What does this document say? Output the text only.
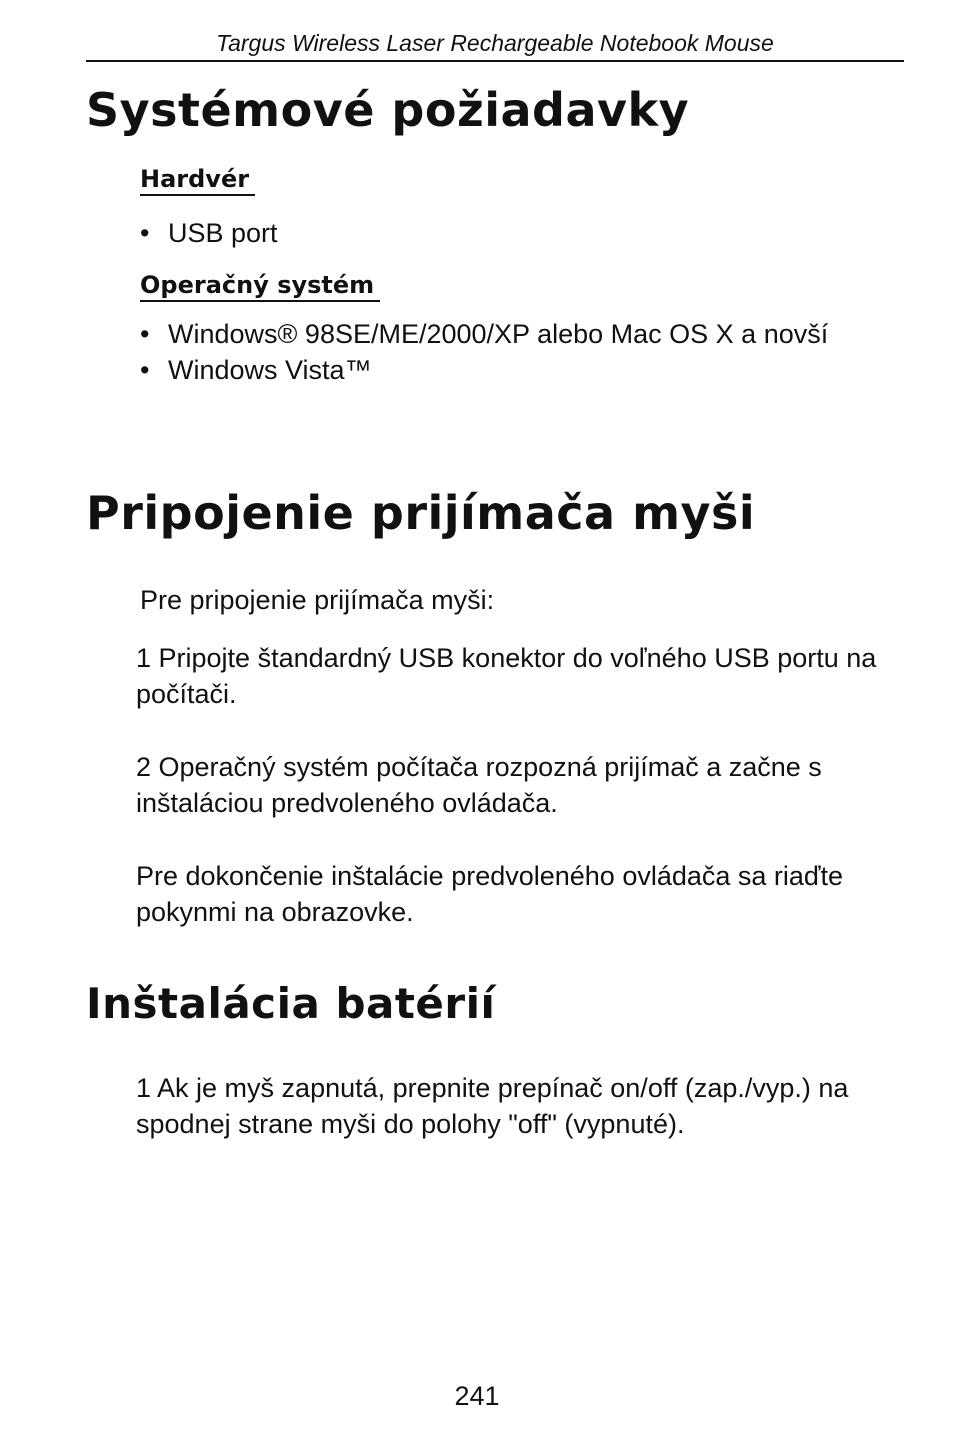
Targus Wireless Laser Rechargeable Notebook Mouse
Systémové požiadavky
Hardvér
• USB port
Operačný systém
• Windows® 98SE/ME/2000/XP alebo Mac OS X a novší
• Windows Vista™
Pripojenie prijímača myši

Pre pripojenie prijímača myši:

1 Pripojte štandardný USB konektor do voľného USB portu na počítači.

2 Operačný systém počítača rozpozná prijímač a začne s inštaláciou predvoleného ovládača.

Pre dokončenie inštalácie predvoleného ovládača sa riaďte pokynmi na obrazovke.

Inštalácia batérií

1 Ak je myš zapnutá, prepnite prepínač on/off (zap./vyp.) na spodnej strane myši do polohy "off" (vypnuté).

241
